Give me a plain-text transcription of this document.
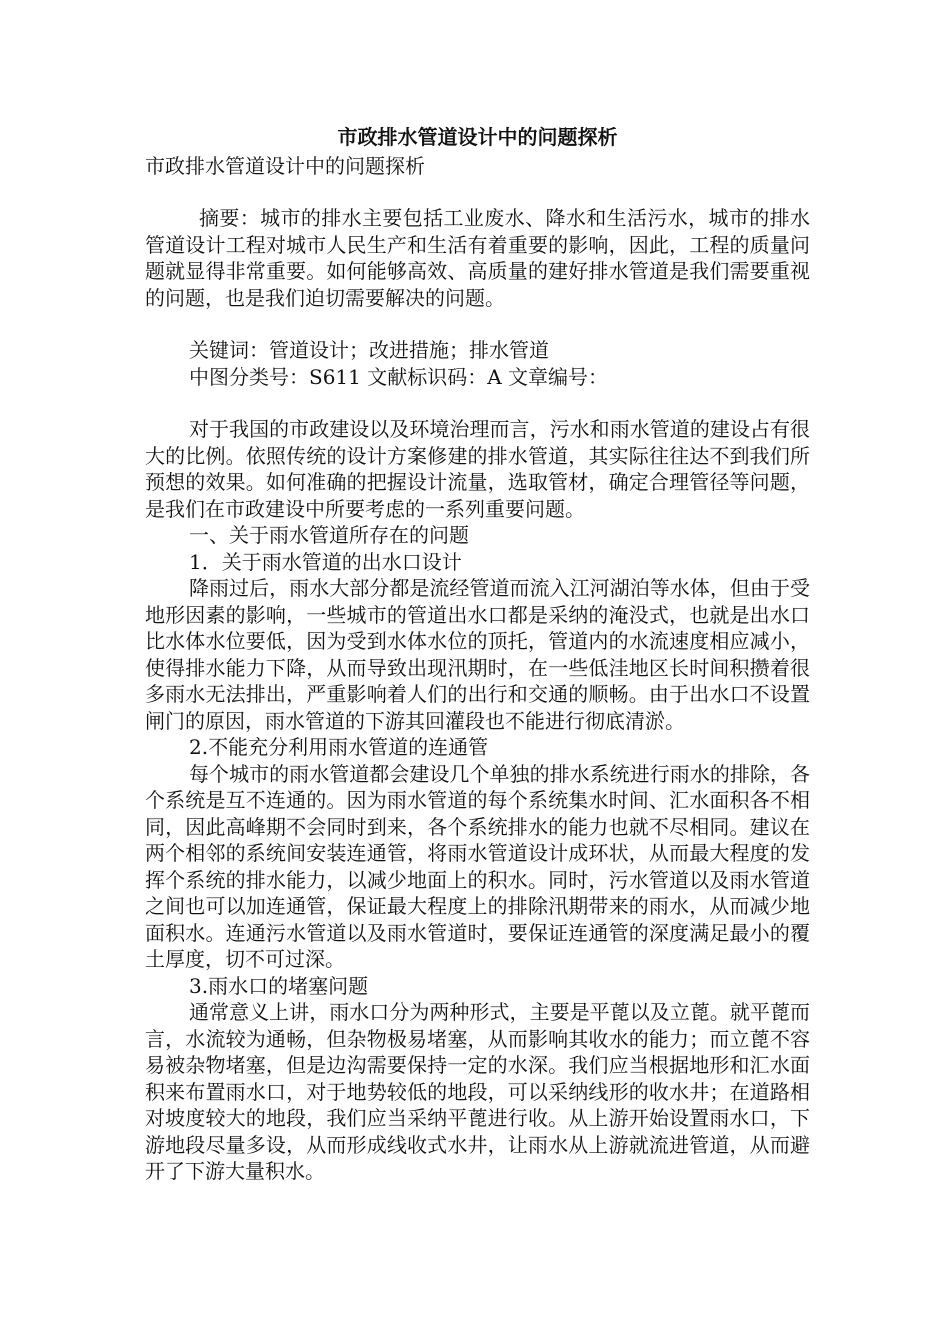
市政排水管道设计中的问题探析
市政排水管道设计中的问题探析

摘要：城市的排水主要包括工业废水、降水和生活污水，城市的排水管道设计工程对城市人民生产和生活有着重要的影响，因此，工程的质量问题就显得非常重要。如何能够高效、高质量的建好排水管道是我们需要重视的问题，也是我们迫切需要解决的问题。

关键词：管道设计；改进措施；排水管道

中图分类号：S611 文献标识码：A 文章编号：

对于我国的市政建设以及环境治理而言，污水和雨水管道的建设占有很大的比例。依照传统的设计方案修建的排水管道，其实际往往达不到我们所预想的效果。如何准确的把握设计流量，选取管材，确定合理管径等问题，是我们在市政建设中所要考虑的一系列重要问题。

一、关于雨水管道所存在的问题

1．关于雨水管道的出水口设计

降雨过后，雨水大部分都是流经管道而流入江河湖泊等水体，但由于受地形因素的影响，一些城市的管道出水口都是采纳的淹没式，也就是出水口比水体水位要低，因为受到水体水位的顶托，管道内的水流速度相应减小，使得排水能力下降，从而导致出现汛期时，在一些低洼地区长时间积攒着很多雨水无法排出，严重影响着人们的出行和交通的顺畅。由于出水口不设置闸门的原因，雨水管道的下游其回灌段也不能进行彻底清淤。

2.不能充分利用雨水管道的连通管

每个城市的雨水管道都会建设几个单独的排水系统进行雨水的排除，各个系统是互不连通的。因为雨水管道的每个系统集水时间、汇水面积各不相同，因此高峰期不会同时到来，各个系统排水的能力也就不尽相同。建议在两个相邻的系统间安装连通管，将雨水管道设计成环状，从而最大程度的发挥个系统的排水能力，以减少地面上的积水。同时，污水管道以及雨水管道之间也可以加连通管，保证最大程度上的排除汛期带来的雨水，从而减少地面积水。连通污水管道以及雨水管道时，要保证连通管的深度满足最小的覆土厚度，切不可过深。

3.雨水口的堵塞问题

通常意义上讲，雨水口分为两种形式，主要是平蓖以及立蓖。就平蓖而言，水流较为通畅，但杂物极易堵塞，从而影响其收水的能力；而立蓖不容易被杂物堵塞，但是边沟需要保持一定的水深。我们应当根据地形和汇水面积来布置雨水口，对于地势较低的地段，可以采纳线形的收水井；在道路相对坡度较大的地段，我们应当采纳平蓖进行收。从上游开始设置雨水口，下游地段尽量多设，从而形成线收式水井，让雨水从上游就流进管道，从而避开了下游大量积水。
